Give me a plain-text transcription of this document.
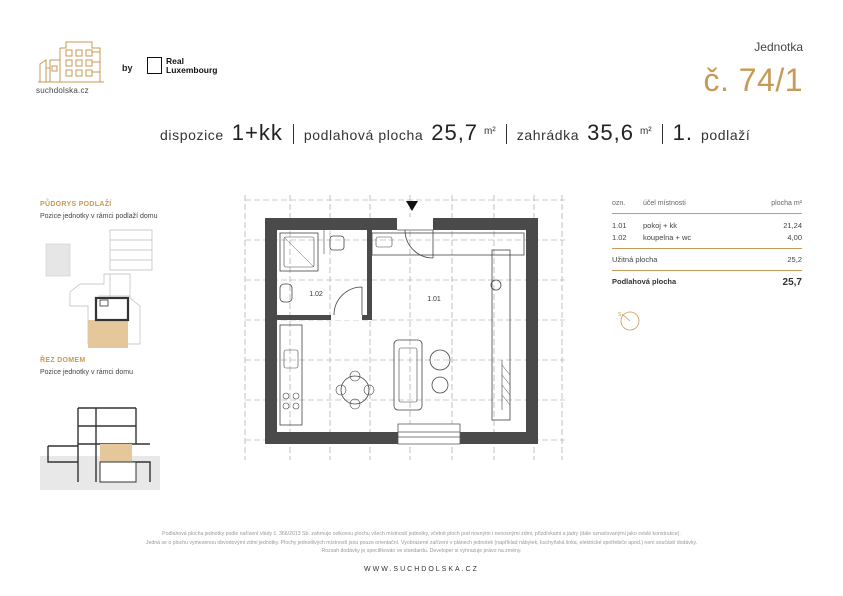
suchdolska.cz
by
Real
Luxembourg
Jednotka
č. 74/1
dispozice 1+kk podlahová plocha 25,7 m² zahrádka 35,6 m² 1. podlaží
PŮDORYS PODLAŽÍ
Pozice jednotky v rámci podlaží domu
ŘEZ DOMEM
Pozice jednotky v rámci domu
1.02
1.01
ozn.	účel místnosti	plocha m²
1.01	pokoj + kk	21,24
1.02	koupelna + wc	4,00
Užitná plocha	25,2
Podlahová plocha	25,7
S
Podlahová plocha jednotky podle nařízení vlády č. 366/2013 Sb. zahrnuje celkovou plochu všech místností jednotky, včetně ploch pod nosnými i nenosnými zdmi, přizdívkami a jádry (dále označovanými jako svislé konstrukce).
Jedná se o plochu vymezenou obvodovými zdmi jednotky. Plochy jednotlivých místností jsou pouze orientační. Vyobrazené zařízení v plánech jednotek (například nábytek, kuchyňská linka, elektrické spotřebiče apod.) není součástí dodávky.
Rozsah dodávky je specifikován ve standardu. Developer si vyhrazuje právo na změny.
WWW.SUCHDOLSKA.CZ
